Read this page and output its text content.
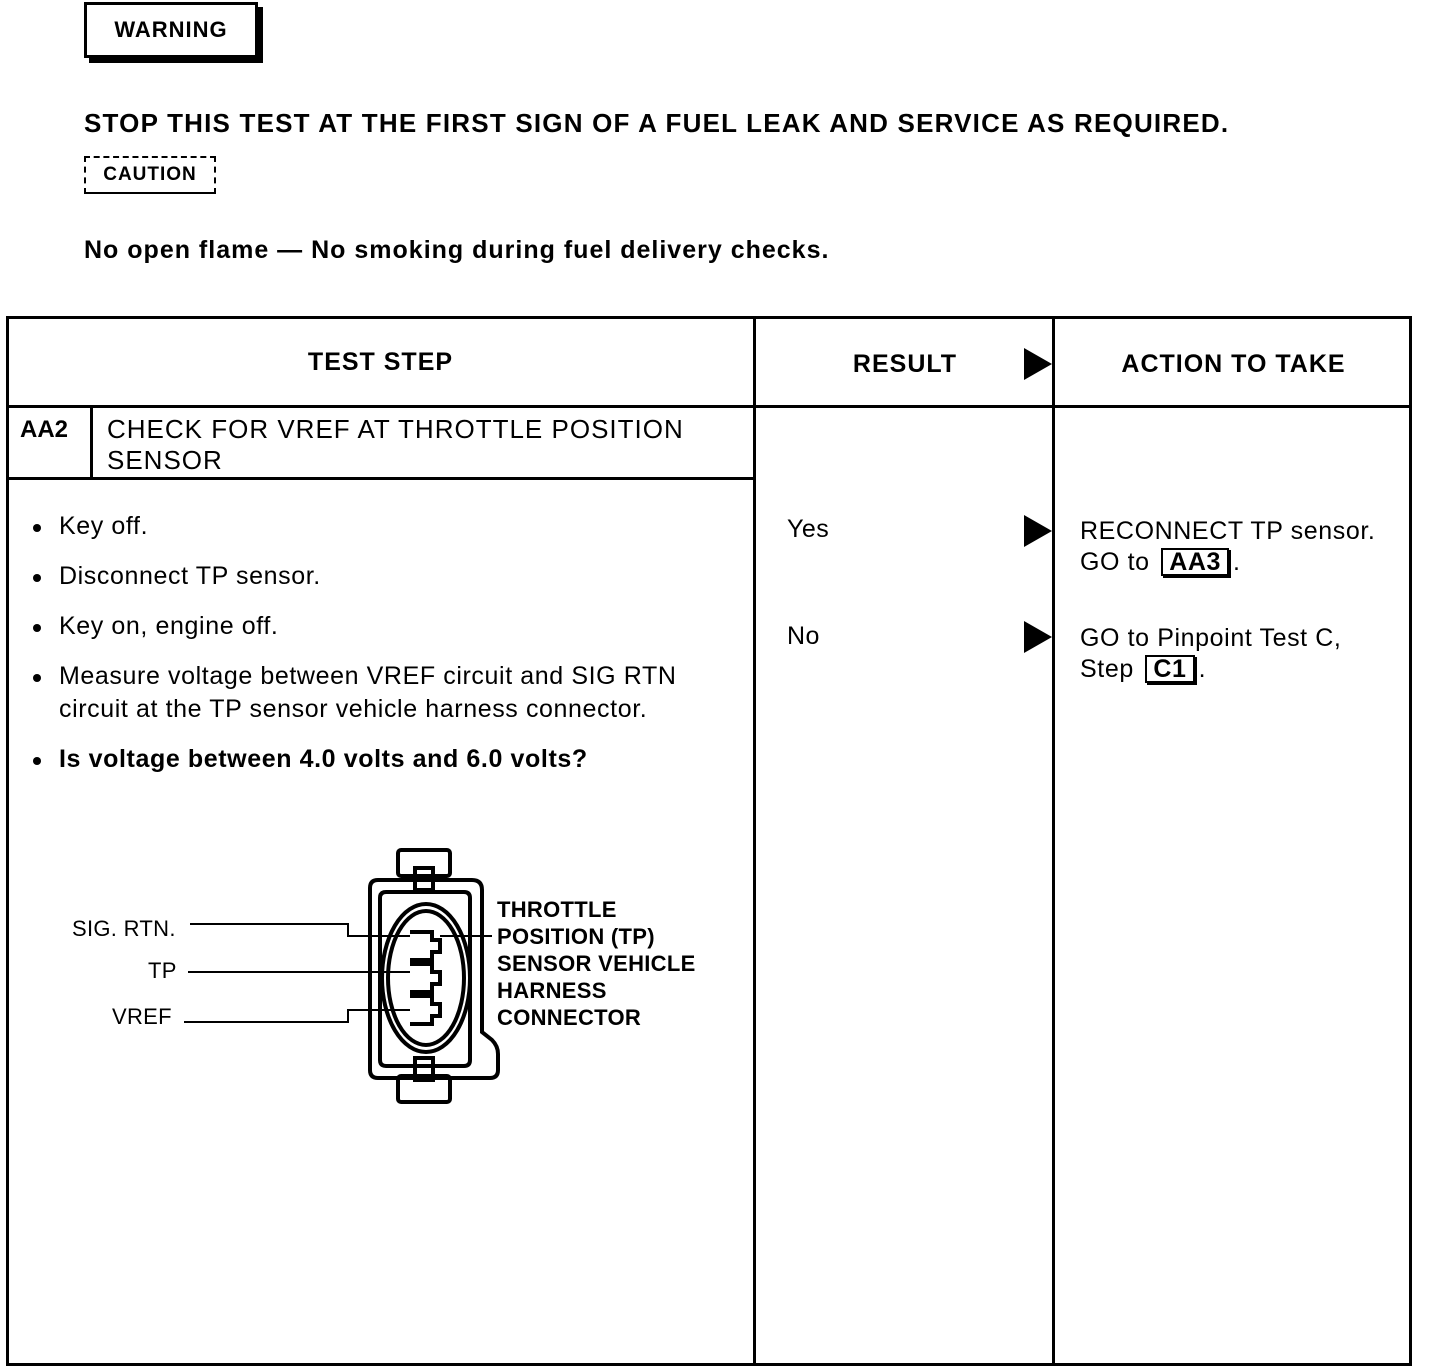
WARNING
STOP THIS TEST AT THE FIRST SIGN OF A FUEL LEAK AND SERVICE AS REQUIRED.
CAUTION
No open flame — No smoking during fuel delivery checks.
TEST STEP	RESULT	ACTION TO TAKE
AA2 CHECK FOR VREF AT THROTTLE POSITION SENSOR
Key off.
Disconnect TP sensor.
Key on, engine off.
Measure voltage between VREF circuit and SIG RTN circuit at the TP sensor vehicle harness connector.
Is voltage between 4.0 volts and 6.0 volts?
Yes	RECONNECT TP sensor. GO to AA3 .
No	GO to Pinpoint Test C, Step C1 .
SIG. RTN.
TP
VREF
THROTTLE
POSITION (TP)
SENSOR VEHICLE
HARNESS
CONNECTOR
